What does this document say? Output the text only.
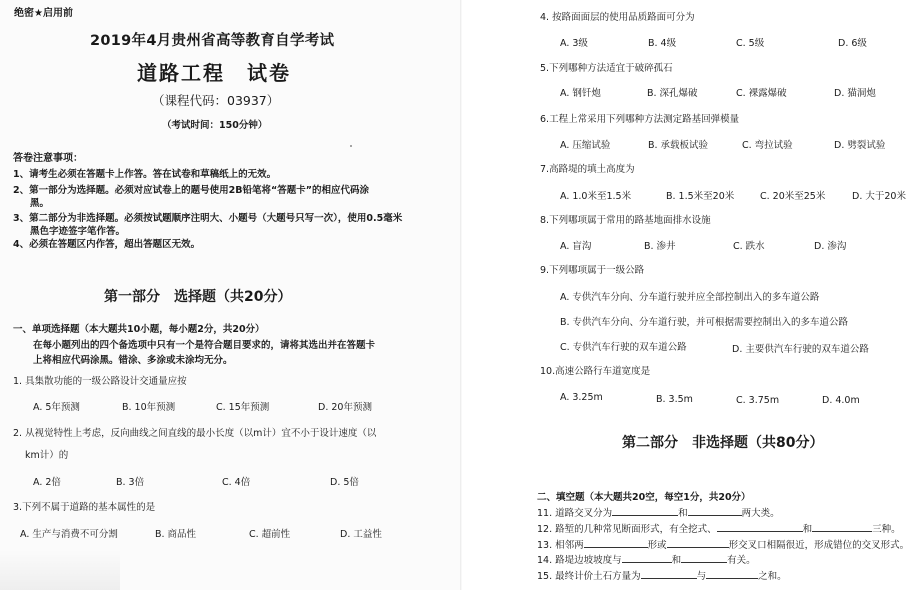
绝密★启用前
2019年4月贵州省高等教育自学考试
道路工程　试卷
（课程代码：03937）
（考试时间：150分钟）
答卷注意事项：
1、请考生必须在答题卡上作答。答在试卷和草稿纸上的无效。
2、第一部分为选择题。必须对应试卷上的题号使用2B铅笔将“答题卡”的相应代码涂
黑。
3、第二部分为非选择题。必须按试题顺序注明大、小题号（大题号只写一次），使用0.5毫米
黑色字迹签字笔作答。
4、必须在答题区内作答，超出答题区无效。
第一部分　选择题（共20分）
一、单项选择题（本大题共10小题，每小题2分，共20分）
在每小题列出的四个备选项中只有一个是符合题目要求的，请将其选出并在答题卡
上将相应代码涂黑。错涂、多涂或未涂均无分。
1. 具集散功能的一级公路设计交通量应按
A. 5年预测	B. 10年预测	C. 15年预测	D. 20年预测
2. 从视觉特性上考虑，反向曲线之间直线的最小长度（以m计）宜不小于设计速度（以
km计）的
A. 2倍	B. 3倍	C. 4倍	D. 5倍
3.下列不属于道路的基本属性的是
A. 生产与消费不可分割	B. 商品性	C. 超前性	D. 工益性
4. 按路面面层的使用品质路面可分为
A. 3级	B. 4级	C. 5级	D. 6级
5.下列哪种方法适宜于破碎孤石
A. 钢钎炮	B. 深孔爆破	C. 裸露爆破	D. 猫洞炮
6.工程上常采用下列哪种方法测定路基回弹模量
A. 压缩试验	B. 承载板试验	C. 弯拉试验	D. 劈裂试验
7.高路堤的填土高度为
A. 1.0米至1.5米	B. 1.5米至20米	C. 20米至25米	D. 大于20米
8.下列哪项属于常用的路基地面排水设施
A. 盲沟	B. 渗井	C. 跌水	D. 渗沟
9.下列哪项属于一级公路
A. 专供汽车分向、分车道行驶并应全部控制出入的多车道公路
B. 专供汽车分向、分车道行驶，并可根据需要控制出入的多车道公路
C. 专供汽车行驶的双车道公路	D. 主要供汽车行驶的双车道公路
10.高速公路行车道宽度是
A. 3.25m	B. 3.5m	C. 3.75m	D. 4.0m
第二部分　非选择题（共80分）
二、填空题（本大题共20空，每空1分，共20分）
11. 道路交叉分为	和	两大类。
12. 路堑的几种常见断面形式，有全挖式、	和	三种。
13. 相邻两	形或	形交叉口相隔很近，形成错位的交叉形式。
14. 路堤边坡坡度与	和	有关。
15. 最终计价土石方量为	与	之和。
